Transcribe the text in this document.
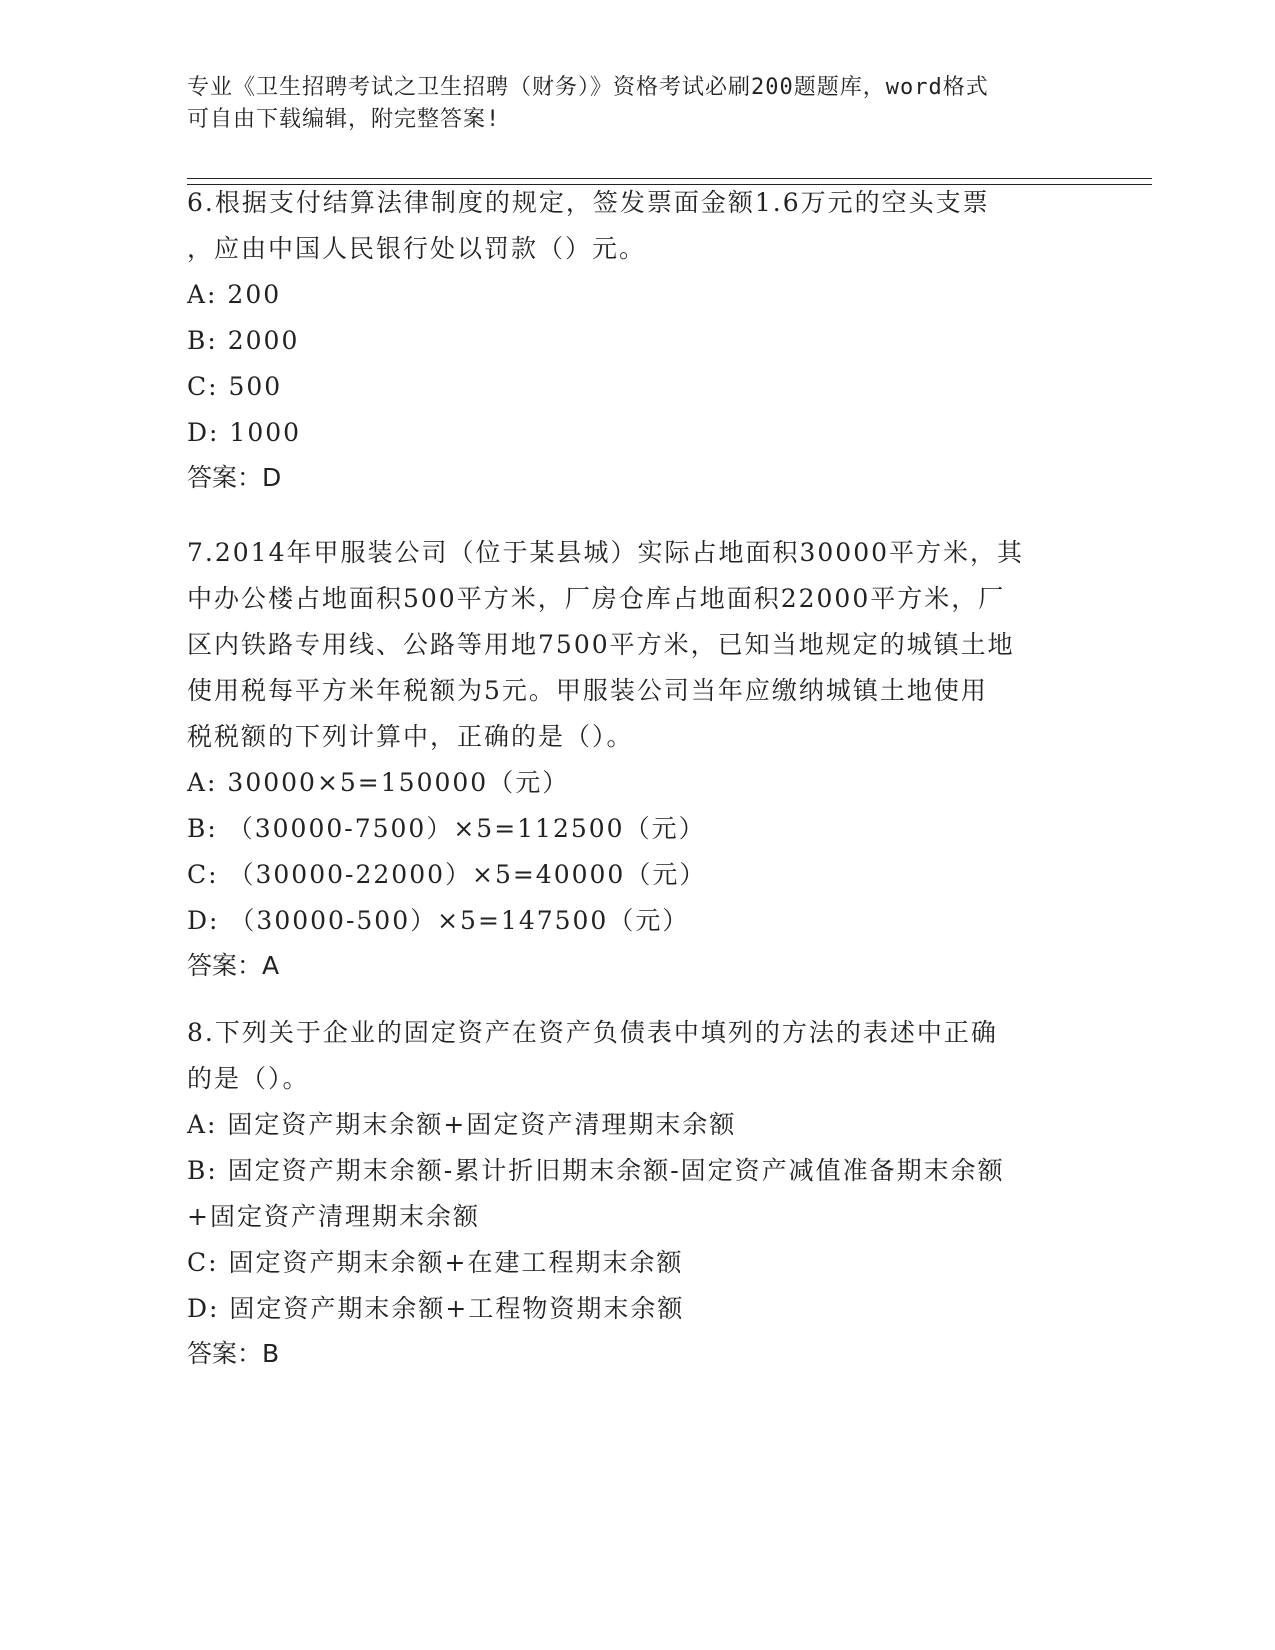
专业《卫生招聘考试之卫生招聘（财务）》资格考试必刷200题题库，word格式
可自由下载编辑，附完整答案!
6.根据支付结算法律制度的规定，签发票面金额1.6万元的空头支票
，应由中国人民银行处以罚款（）元。
A: 200
B: 2000
C: 500
D: 1000
答案：D
7.2014年甲服装公司（位于某县城）实际占地面积30000平方米，其
中办公楼占地面积500平方米，厂房仓库占地面积22000平方米，厂
区内铁路专用线、公路等用地7500平方米，已知当地规定的城镇土地
使用税每平方米年税额为5元。甲服装公司当年应缴纳城镇土地使用
税税额的下列计算中，正确的是（）。
A: 30000×5=150000（元）
B: （30000-7500）×5=112500（元）
C: （30000-22000）×5=40000（元）
D: （30000-500）×5=147500（元）
答案：A
8.下列关于企业的固定资产在资产负债表中填列的方法的表述中正确
的是（）。
A: 固定资产期末余额+固定资产清理期末余额
B: 固定资产期末余额-累计折旧期末余额-固定资产减值准备期末余额
+固定资产清理期末余额
C: 固定资产期末余额+在建工程期末余额
D: 固定资产期末余额+工程物资期末余额
答案：B
